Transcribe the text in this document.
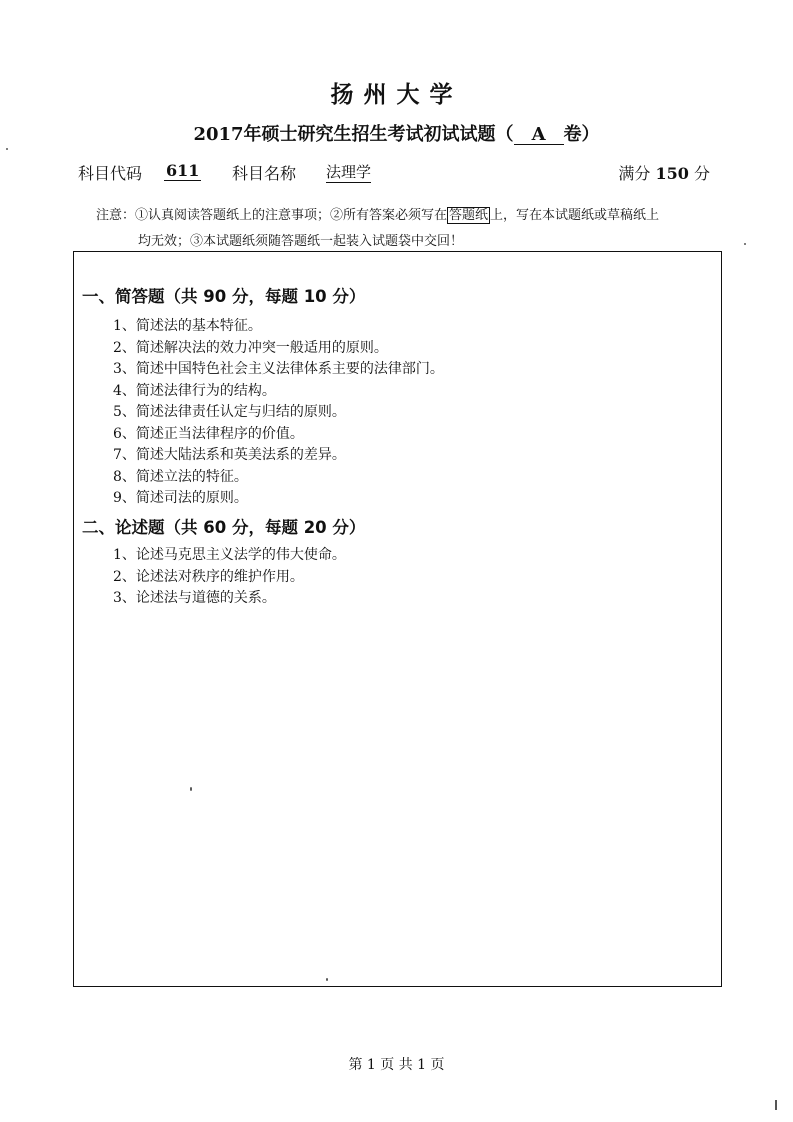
扬州大学
2017年硕士研究生招生考试初试试题（ A 卷）
科目代码 611 科目名称 法理学	满分 150 分
注意：①认真阅读答题纸上的注意事项；②所有答案必须写在 答题纸 上，写在本试题纸或草稿纸上
均无效；③本试题纸须随答题纸一起装入试题袋中交回！
一、简答题（共 90 分，每题 10 分）
1、简述法的基本特征。
2、简述解决法的效力冲突一般适用的原则。
3、简述中国特色社会主义法律体系主要的法律部门。
4、简述法律行为的结构。
5、简述法律责任认定与归结的原则。
6、简述正当法律程序的价值。
7、简述大陆法系和英美法系的差异。
8、简述立法的特征。
9、简述司法的原则。
二、论述题（共 60 分，每题 20 分）
1、论述马克思主义法学的伟大使命。
2、论述法对秩序的维护作用。
3、论述法与道德的关系。
第 1 页 共 1 页
